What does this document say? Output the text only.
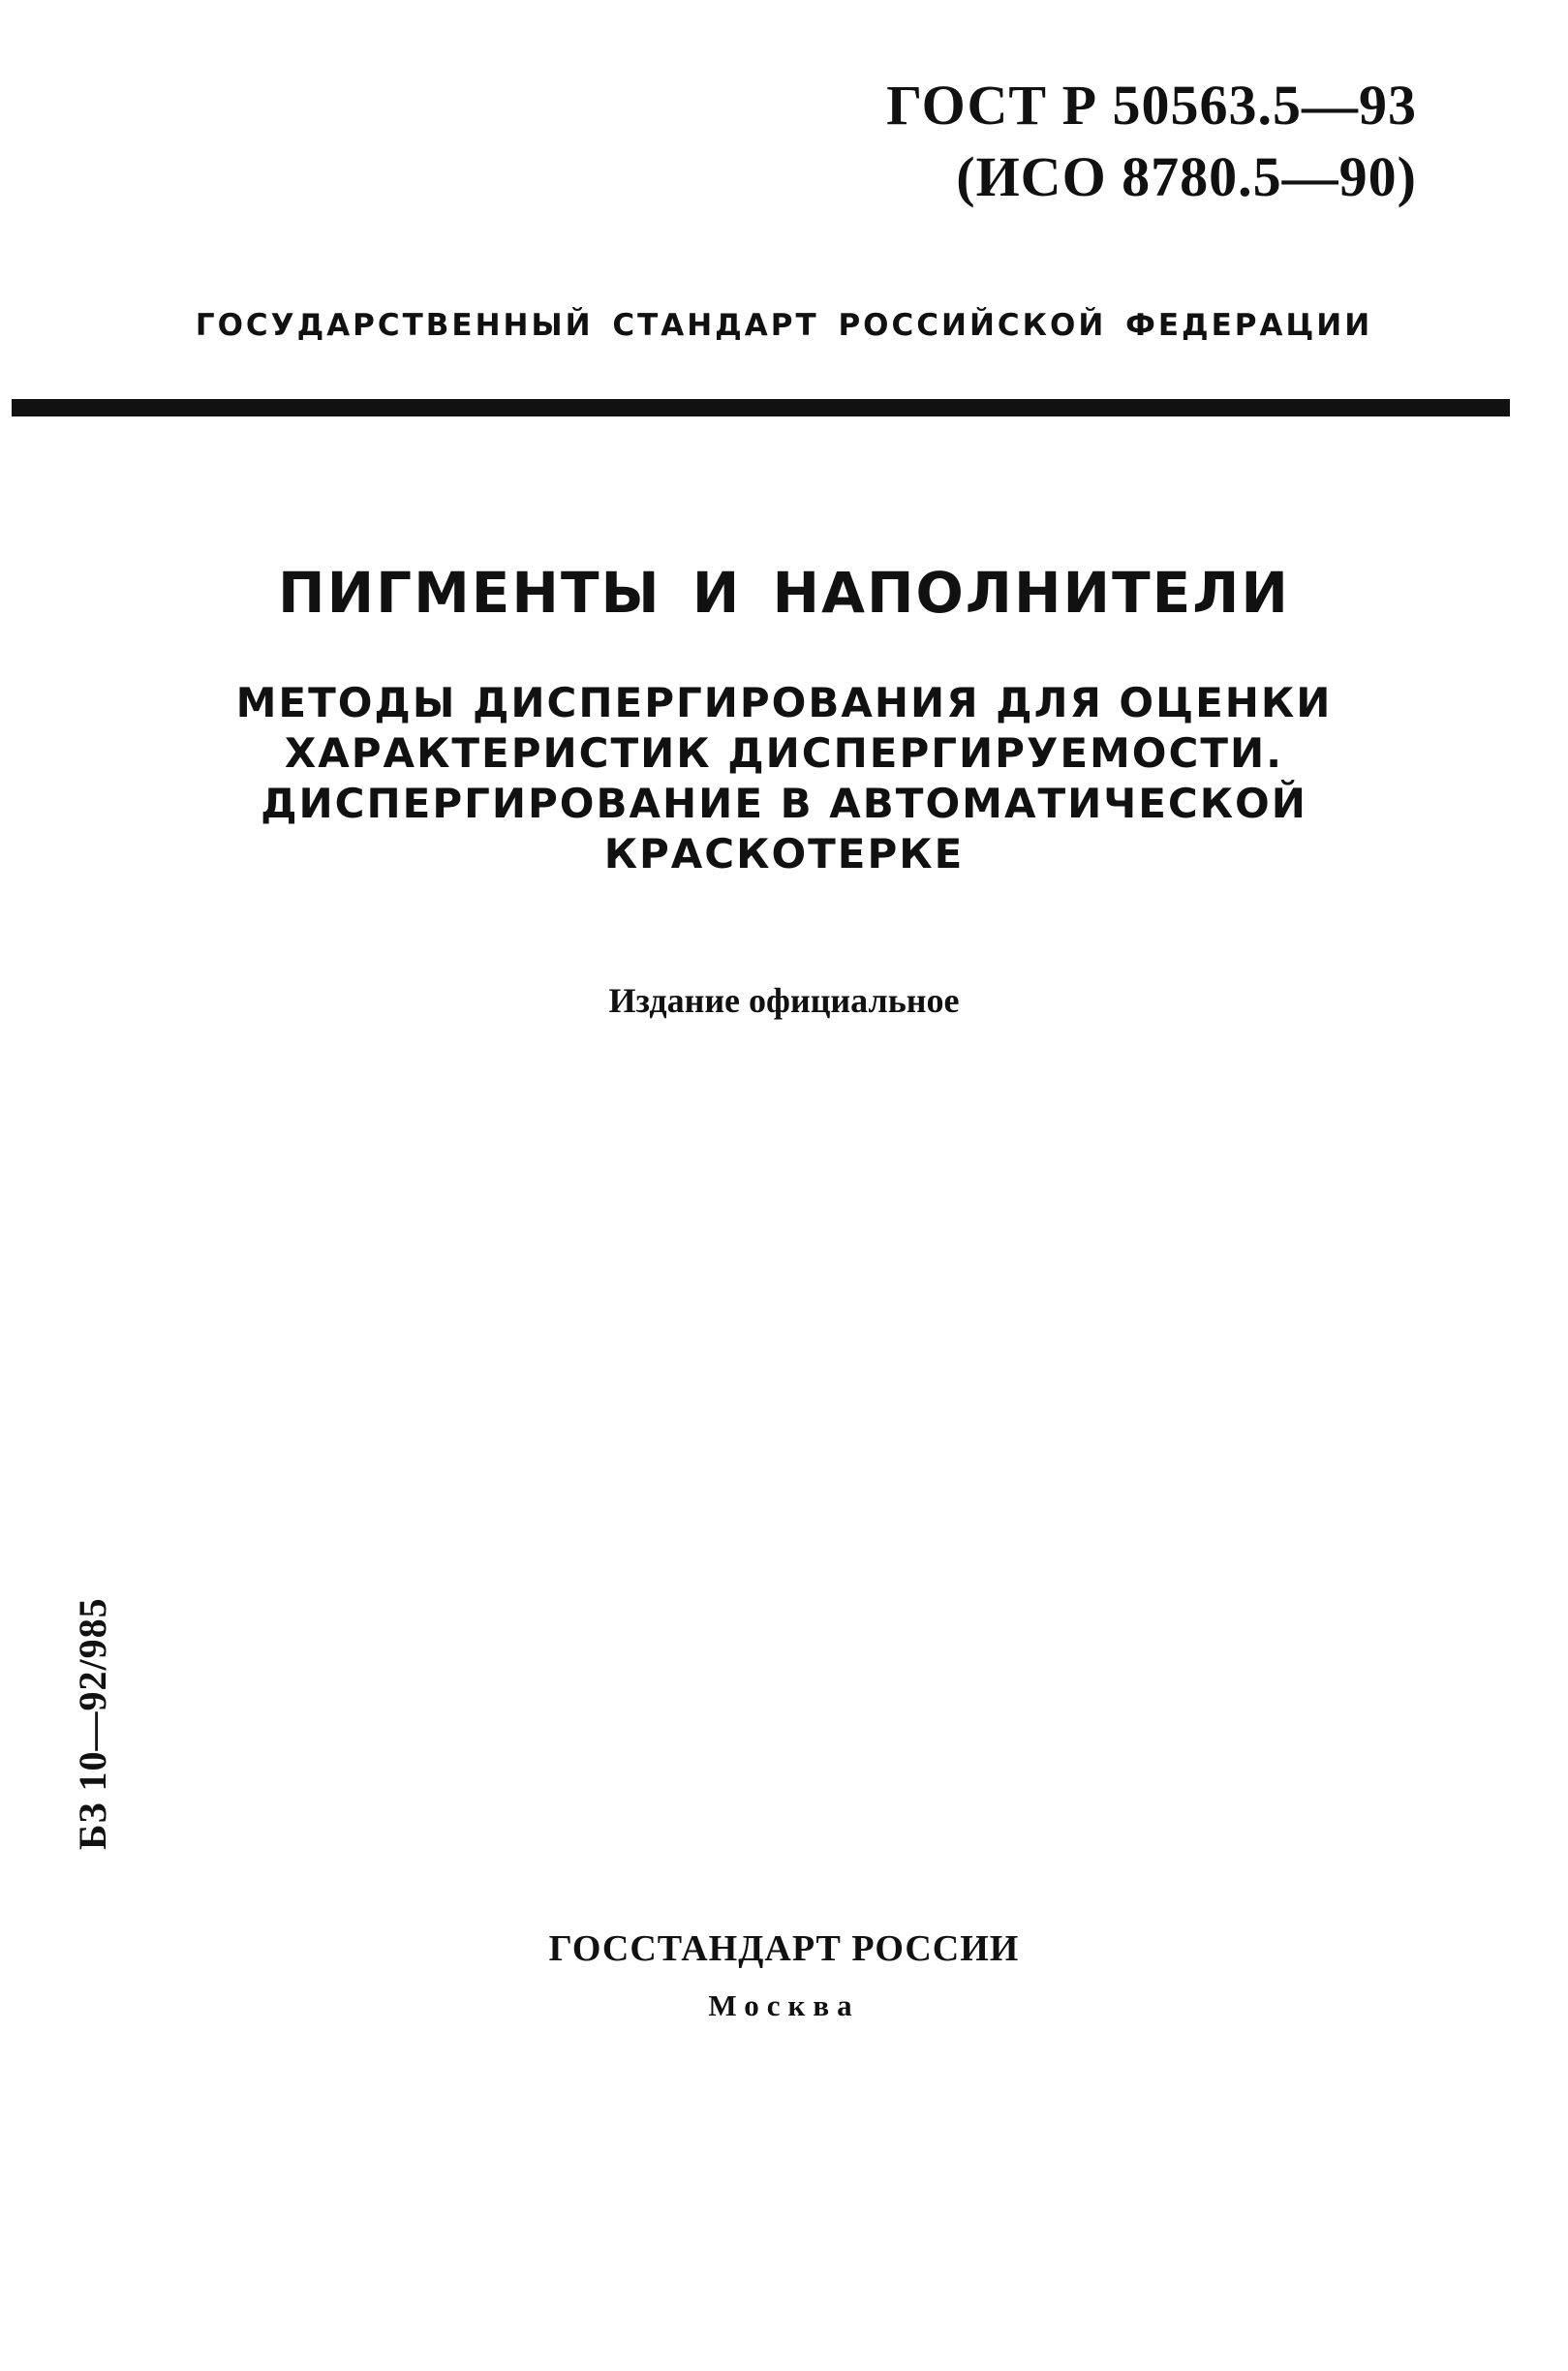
ГОСТ Р 50563.5—93
(ИСО 8780.5—90)
ГОСУДАРСТВЕННЫЙ СТАНДАРТ РОССИЙСКОЙ ФЕДЕРАЦИИ
ПИГМЕНТЫ И НАПОЛНИТЕЛИ
МЕТОДЫ ДИСПЕРГИРОВАНИЯ ДЛЯ ОЦЕНКИ
ХАРАКТЕРИСТИК ДИСПЕРГИРУЕМОСТИ.
ДИСПЕРГИРОВАНИЕ В АВТОМАТИЧЕСКОЙ
КРАСКОТЕРКЕ
Издание официальное
БЗ 10—92/985
ГОССТАНДАРТ РОССИИ
Москва
